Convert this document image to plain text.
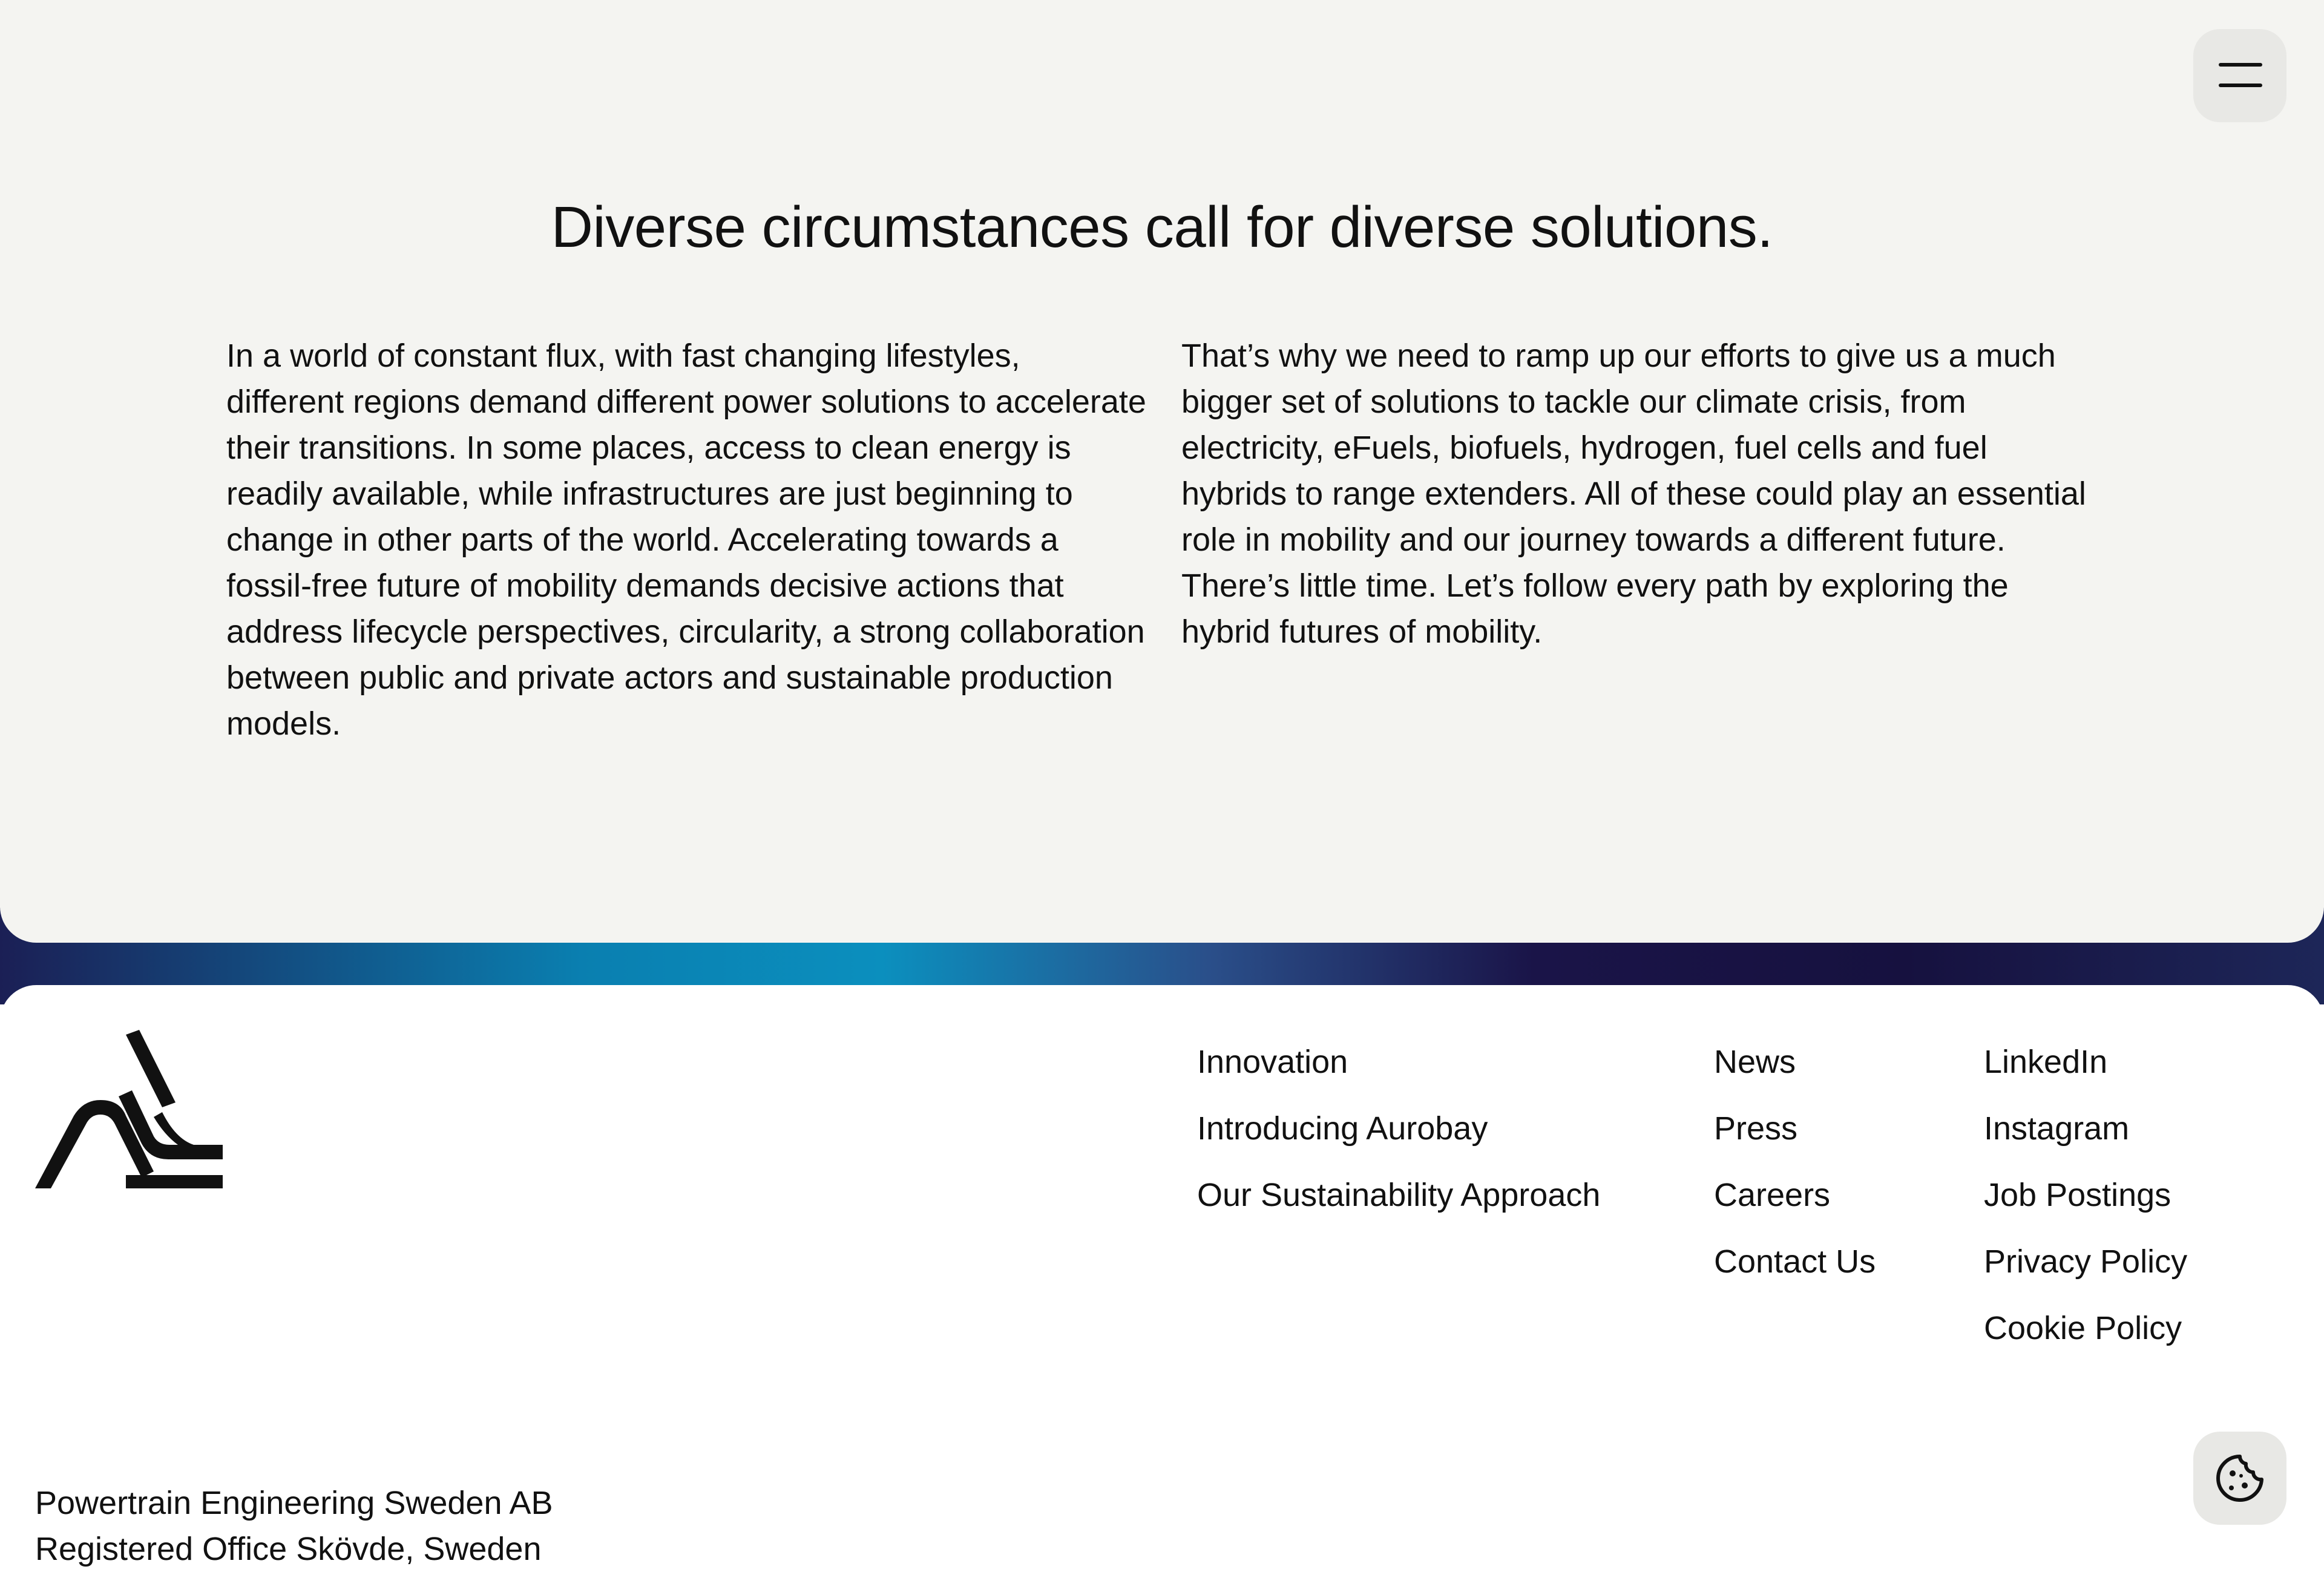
Diverse circumstances call for diverse solutions.

In a world of constant flux, with fast changing lifestyles, different regions demand different power solutions to accelerate their transitions. In some places, access to clean energy is readily available, while infrastructures are just beginning to change in other parts of the world. Accelerating towards a fossil-free future of mobility demands decisive actions that address lifecycle perspectives, circularity, a strong collaboration between public and private actors and sustainable production models.

That’s why we need to ramp up our efforts to give us a much bigger set of solutions to tackle our climate crisis, from electricity, eFuels, biofuels, hydrogen, fuel cells and fuel hybrids to range extenders. All of these could play an essential role in mobility and our journey towards a different future. There’s little time. Let’s follow every path by exploring the hybrid futures of mobility.

Innovation
Introducing Aurobay
Our Sustainability Approach
News
Press
Careers
Contact Us
LinkedIn
Instagram
Job Postings
Privacy Policy
Cookie Policy
Powertrain Engineering Sweden AB
Registered Office Skövde, Sweden
